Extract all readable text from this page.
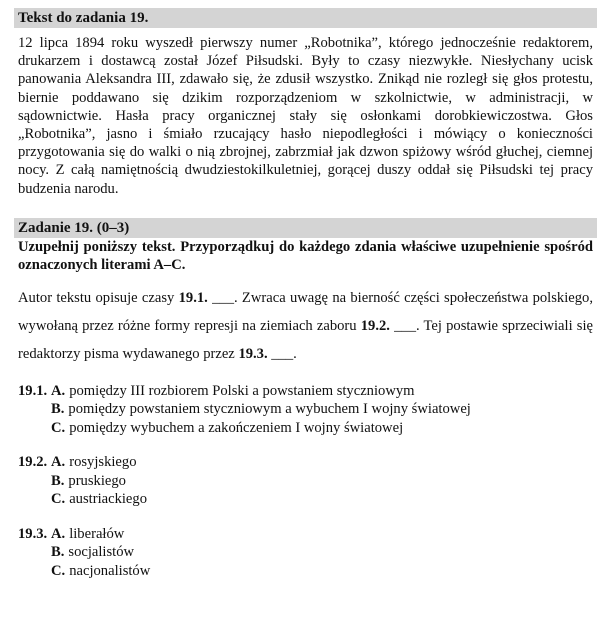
Tekst do zadania 19.

12 lipca 1894 roku wyszedł pierwszy numer „Robotnika”, którego jednocześnie redaktorem, drukarzem i dostawcą został Józef Piłsudski. Były to czasy niezwykłe. Niesłychany ucisk panowania Aleksandra III, zdawało się, że zdusił wszystko. Znikąd nie rozległ się głos protestu, biernie poddawano się dzikim rozporządzeniom w szkolnictwie, w administracji, w sądownictwie. Hasła pracy organicznej stały się osłonkami dorobkiewiczostwa. Głos „Robotnika”, jasno i śmiało rzucający hasło niepodległości i mówiący o konieczności przygotowania się do walki o nią zbrojnej, zabrzmiał jak dzwon spiżowy wśród głuchej, ciemnej nocy. Z całą namiętnością dwudziestokilkuletniej, gorącej duszy oddał się Piłsudski tej pracy budzenia narodu.

Zadanie 19. (0–3)

Uzupełnij poniższy tekst. Przyporządkuj do każdego zdania właściwe uzupełnienie spośród oznaczonych literami A–C.

Autor tekstu opisuje czasy 19.1. ___. Zwraca uwagę na bierność części społeczeństwa polskiego, wywołaną przez różne formy represji na ziemiach zaboru 19.2. ___. Tej postawie sprzeciwiali się redaktorzy pisma wydawanego przez 19.3. ___.

19.1. A. pomiędzy III rozbiorem Polski a powstaniem styczniowym
B. pomiędzy powstaniem styczniowym a wybuchem I wojny światowej
C. pomiędzy wybuchem a zakończeniem I wojny światowej
19.2. A. rosyjskiego
B. pruskiego
C. austriackiego
19.3. A. liberałów
B. socjalistów
C. nacjonalistów
